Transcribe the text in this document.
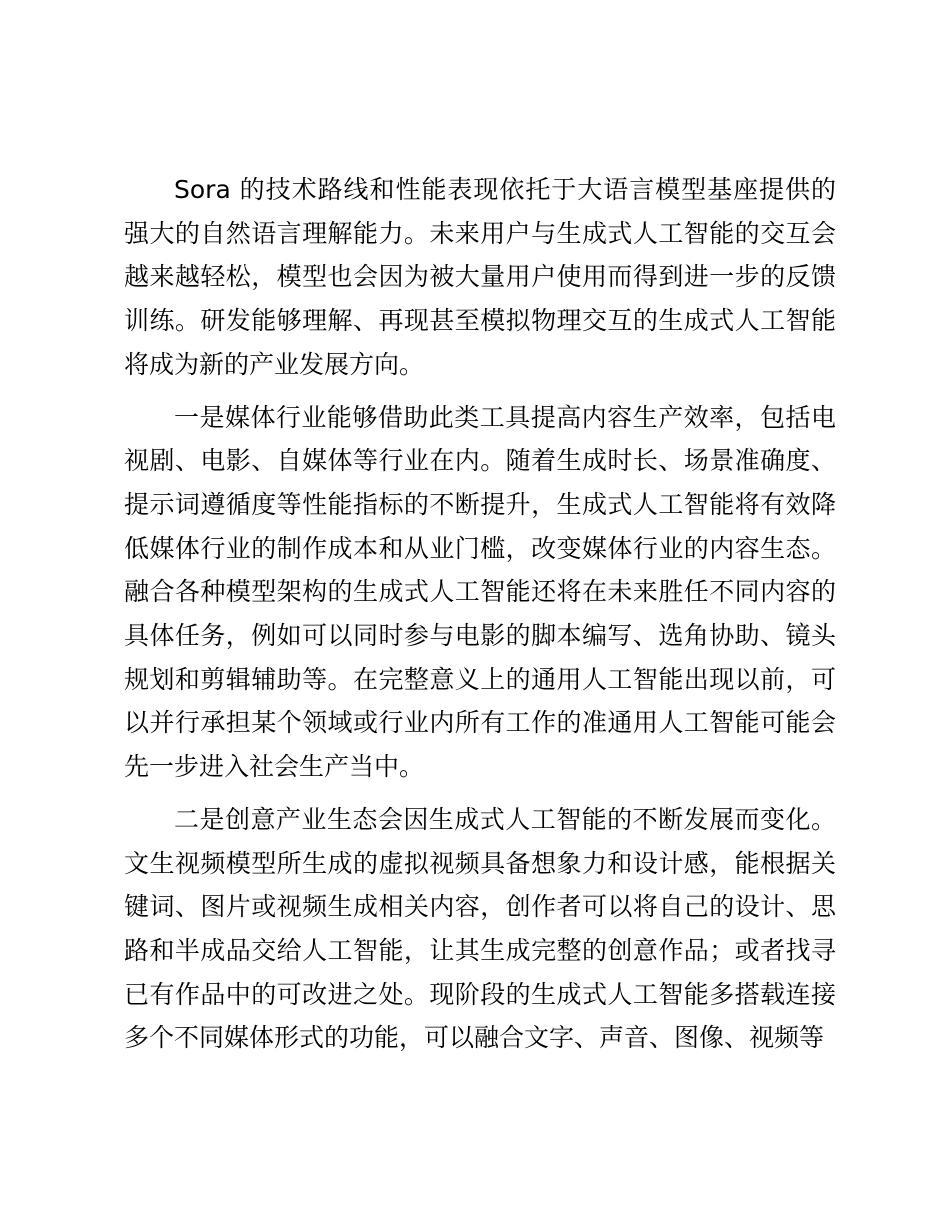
Sora 的技术路线和性能表现依托于大语言模型基座提供的强大的自然语言理解能力。未来用户与生成式人工智能的交互会越来越轻松，模型也会因为被大量用户使用而得到进一步的反馈训练。研发能够理解、再现甚至模拟物理交互的生成式人工智能将成为新的产业发展方向。

一是媒体行业能够借助此类工具提高内容生产效率，包括电视剧、电影、自媒体等行业在内。随着生成时长、场景准确度、提示词遵循度等性能指标的不断提升，生成式人工智能将有效降低媒体行业的制作成本和从业门槛，改变媒体行业的内容生态。融合各种模型架构的生成式人工智能还将在未来胜任不同内容的具体任务，例如可以同时参与电影的脚本编写、选角协助、镜头规划和剪辑辅助等。在完整意义上的通用人工智能出现以前，可以并行承担某个领域或行业内所有工作的准通用人工智能可能会先一步进入社会生产当中。

二是创意产业生态会因生成式人工智能的不断发展而变化。文生视频模型所生成的虚拟视频具备想象力和设计感，能根据关键词、图片或视频生成相关内容，创作者可以将自己的设计、思路和半成品交给人工智能，让其生成完整的创意作品；或者找寻已有作品中的可改进之处。现阶段的生成式人工智能多搭载连接多个不同媒体形式的功能，可以融合文字、声音、图像、视频等
